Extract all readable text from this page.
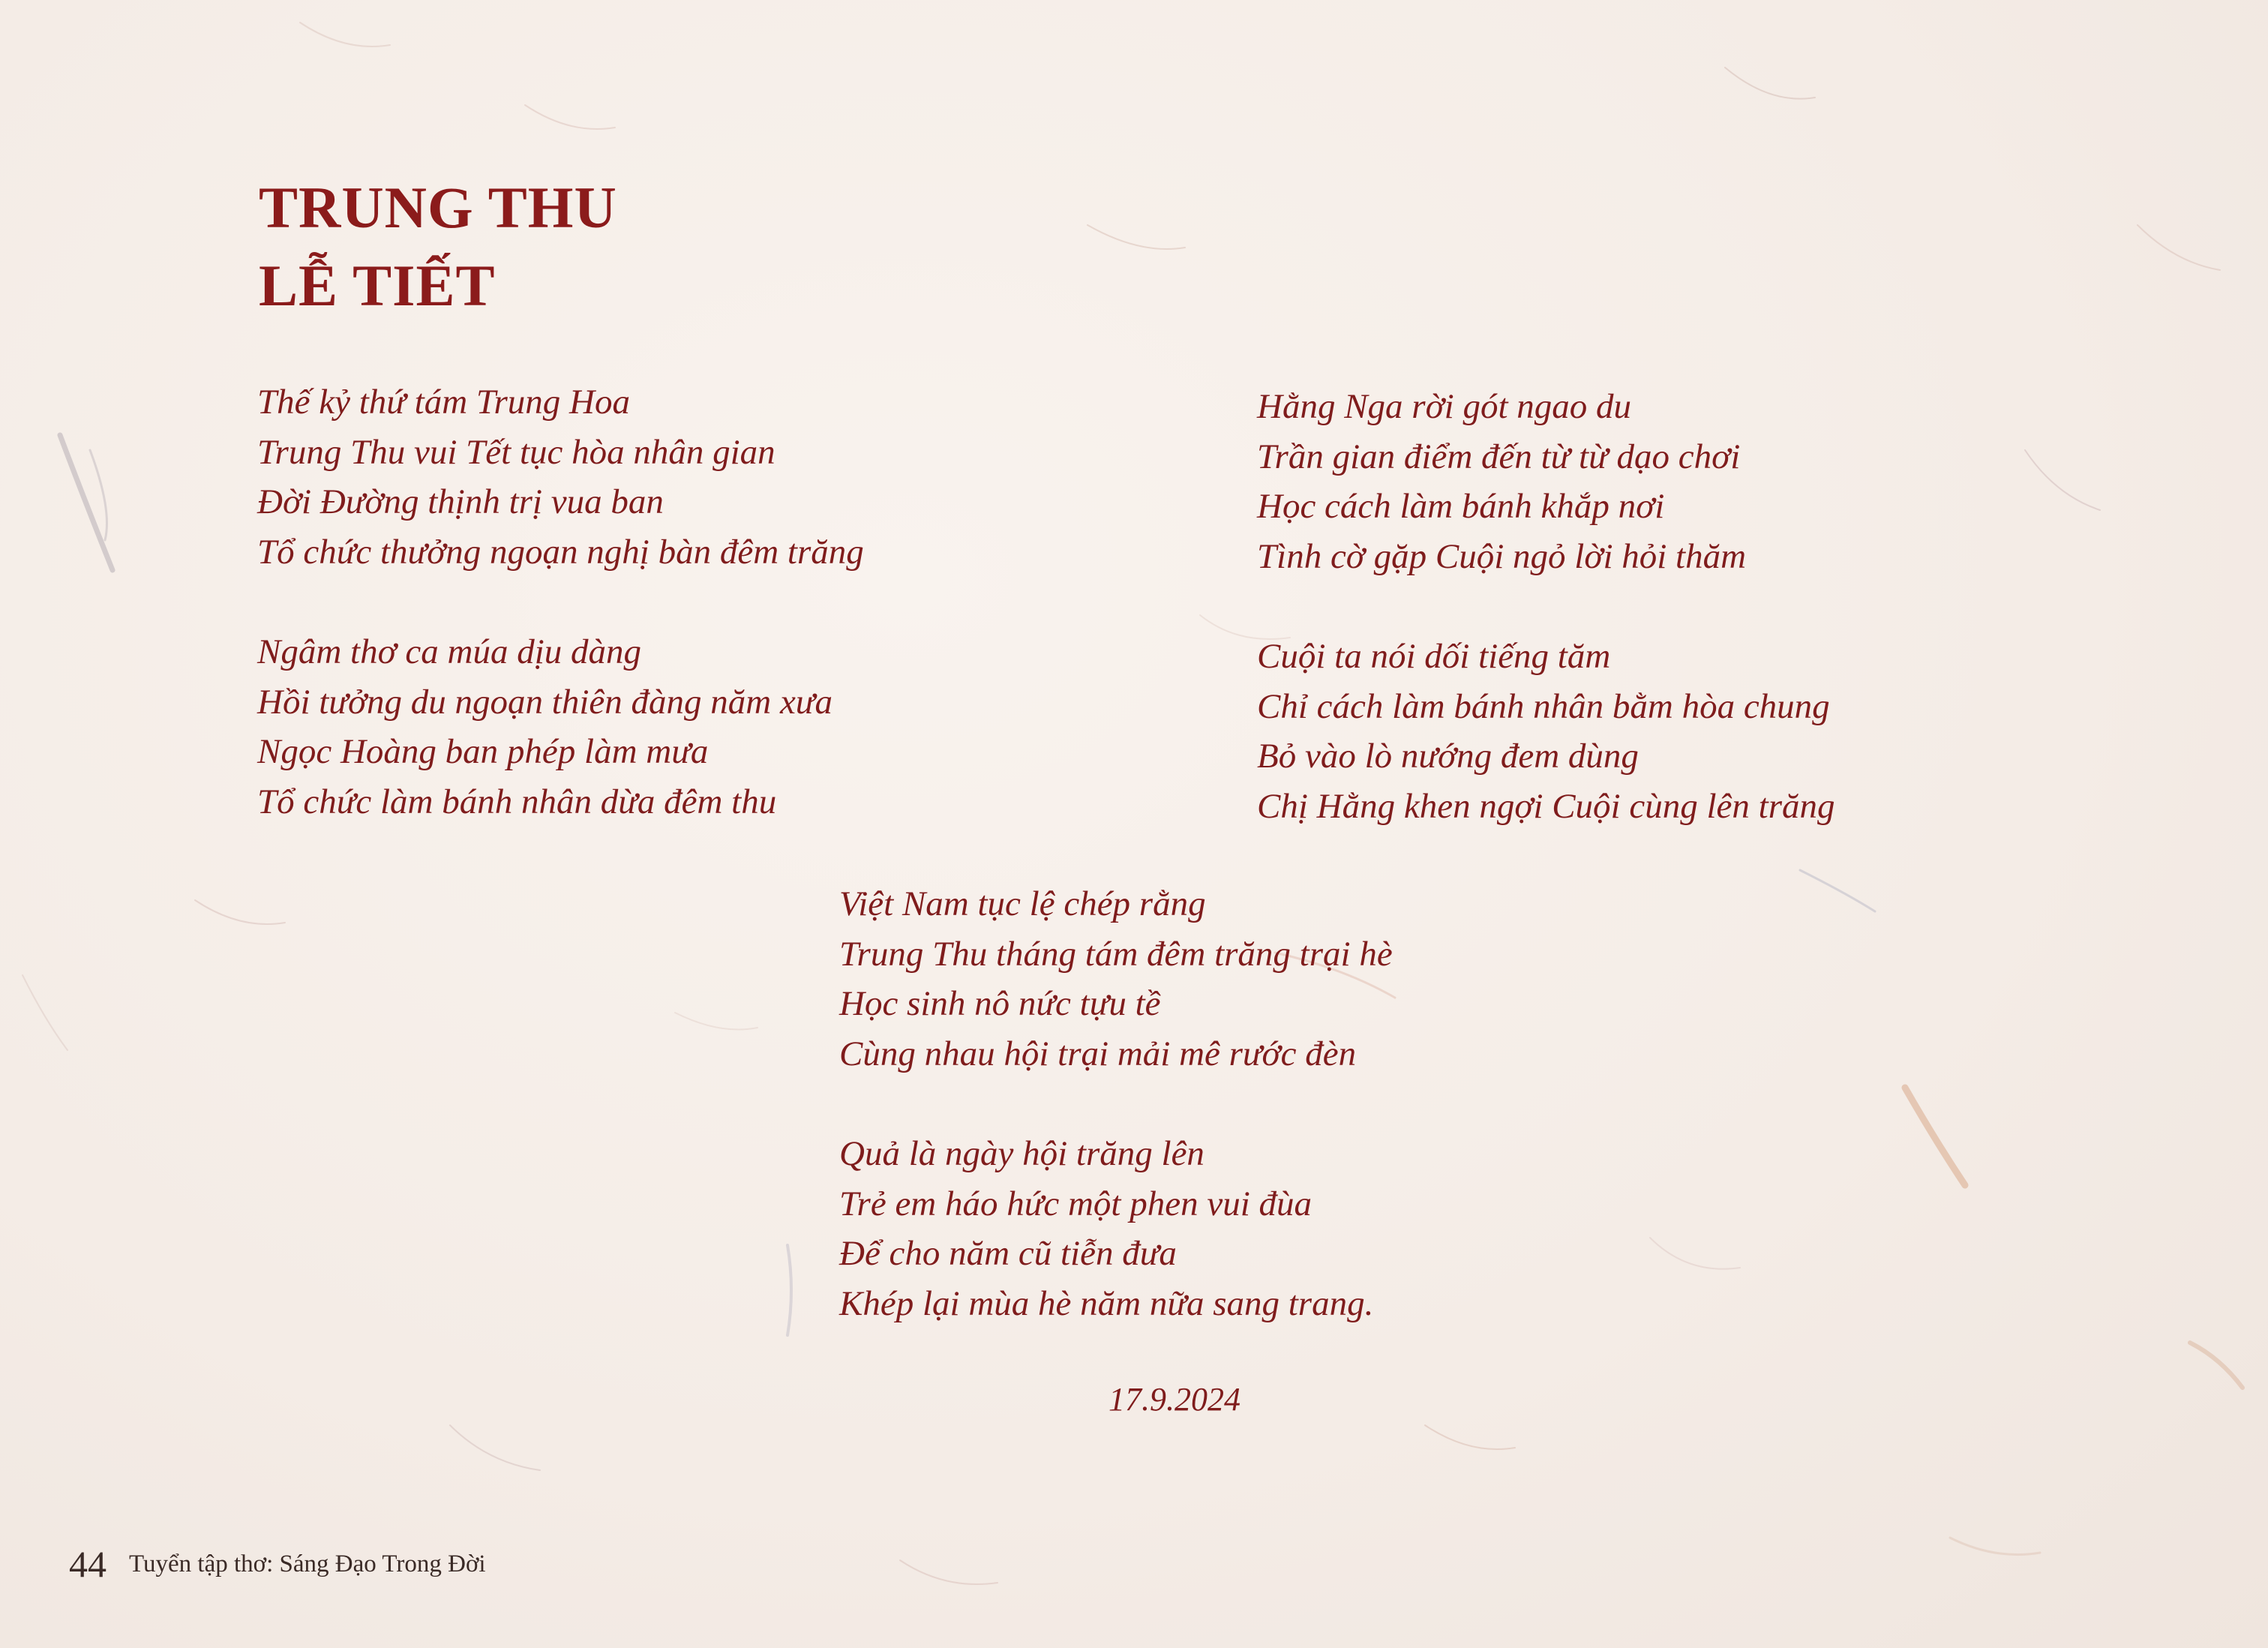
TRUNG THU
LỄ TIẾT

Thế kỷ thứ tám Trung Hoa
Trung Thu vui Tết tục hòa nhân gian
Đời Đường thịnh trị vua ban
Tổ chức thưởng ngoạn nghị bàn đêm trăng

Ngâm thơ ca múa dịu dàng
Hồi tưởng du ngoạn thiên đàng năm xưa
Ngọc Hoàng ban phép làm mưa
Tổ chức làm bánh nhân dừa đêm thu

Hằng Nga rời gót ngao du
Trần gian điểm đến từ từ dạo chơi
Học cách làm bánh khắp nơi
Tình cờ gặp Cuội ngỏ lời hỏi thăm

Cuội ta nói dối tiếng tăm
Chỉ cách làm bánh nhân bằm hòa chung
Bỏ vào lò nướng đem dùng
Chị Hằng khen ngợi Cuội cùng lên trăng

Việt Nam tục lệ chép rằng
Trung Thu tháng tám đêm trăng trại hè
Học sinh nô nức tựu tề
Cùng nhau hội trại mải mê rước đèn

Quả là ngày hội trăng lên
Trẻ em háo hức một phen vui đùa
Để cho năm cũ tiễn đưa
Khép lại mùa hè năm nữa sang trang.

17.9.2024

44 Tuyển tập thơ: Sáng Đạo Trong Đời
